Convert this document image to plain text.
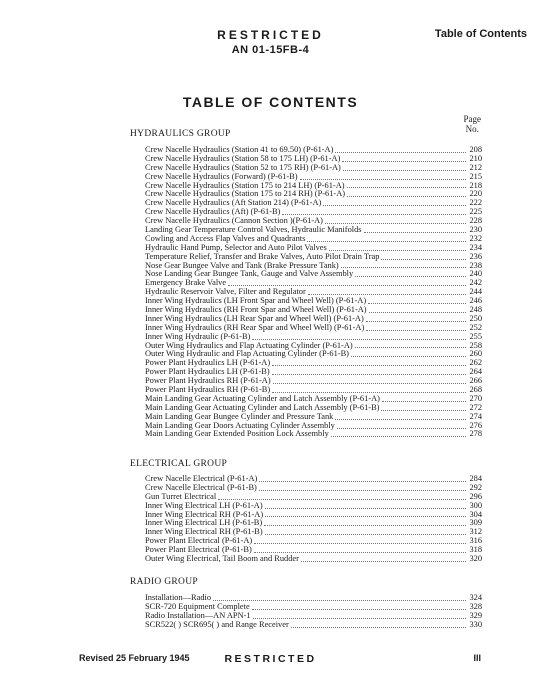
RESTRICTED
AN 01-15FB-4
Table of Contents
TABLE OF CONTENTS
Page
No.
HYDRAULICS GROUP
Crew Nacelle Hydraulics (Station 41 to 69.50) (P-61-A)	208
Crew Nacelle Hydraulics (Station 58 to 175 LH) (P-61-A)	210
Crew Nacelle Hydraulics (Station 52 to 175 RH) (P-61-A)	212
Crew Nacelle Hydraulics (Forward) (P-61-B)	215
Crew Nacelle Hydraulics (Station 175 to 214 LH) (P-61-A)	218
Crew Nacelle Hydraulics (Station 175 to 214 RH) (P-61-A)	220
Crew Nacelle Hydraulics (Aft Station 214) (P-61-A)	222
Crew Nacelle Hydraulics (Aft) (P-61-B)	225
Crew Nacelle Hydraulics (Cannon Section )(P-61-A)	228
Landing Gear Temperature Control Valves, Hydraulic Manifolds	230
Cowling and Access Flap Valves and Quadrants	232
Hydraulic Hand Pump, Selector and Auto Pilot Valves	234
Temperature Relief, Transfer and Brake Valves, Auto Pilot Drain Trap	236
Nose Gear Bungee Valve and Tank (Brake Pressure Tank)	238
Nose Landing Gear Bungee Tank, Gauge and Valve Assembly	240
Emergency Brake Valve	242
Hydraulic Reservoir Valve, Filter and Regulator	244
Inner Wing Hydraulics (LH Front Spar and Wheel Well) (P-61-A)	246
Inner Wing Hydraulics (RH Front Spar and Wheel Well) (P-61-A)	248
Inner Wing Hydraulics (LH Rear Spar and Wheel Well) (P-61-A)	250
Inner Wing Hydraulics (RH Rear Spar and Wheel Well) (P-61-A)	252
Inner Wing Hydraulic (P-61-B)	255
Outer Wing Hydraulics and Flap Actuating Cylinder (P-61-A)	258
Outer Wing Hydraulic and Flap Actuating Cylinder (P-61-B)	260
Power Plant Hydraulics LH (P-61-A)	262
Power Plant Hydraulics LH (P-61-B)	264
Power Plant Hydraulics RH (P-61-A)	266
Power Plant Hydraulics RH (P-61-B)	268
Main Landing Gear Actuating Cylinder and Latch Assembly (P-61-A)	270
Main Landing Gear Actuating Cylinder and Latch Assembly (P-61-B)	272
Main Landing Gear Bungee Cylinder and Pressure Tank	274
Main Landing Gear Doors Actuating Cylinder Assembly	276
Main Landing Gear Extended Position Lock Assembly	278
ELECTRICAL GROUP
Crew Nacelle Electrical (P-61-A)	284
Crew Nacelle Electrical (P-61-B)	292
Gun Turret Electrical	296
Inner Wing Electrical LH (P-61-A)	300
Inner Wing Electrical RH (P-61-A)	304
Inner Wing Electrical LH (P-61-B)	309
Inner Wing Electrical RH (P-61-B)	312
Power Plant Electrical (P-61-A)	316
Power Plant Electrical (P-61-B)	318
Outer Wing Electrical, Tail Boom and Rudder	320
RADIO GROUP
Installation—Radio	324
SCR-720 Equipment Complete	328
Radio Installation—AN APN-1	329
SCR522( ) SCR695( ) and Range Receiver	330
Revised 25 February 1945	RESTRICTED	III
